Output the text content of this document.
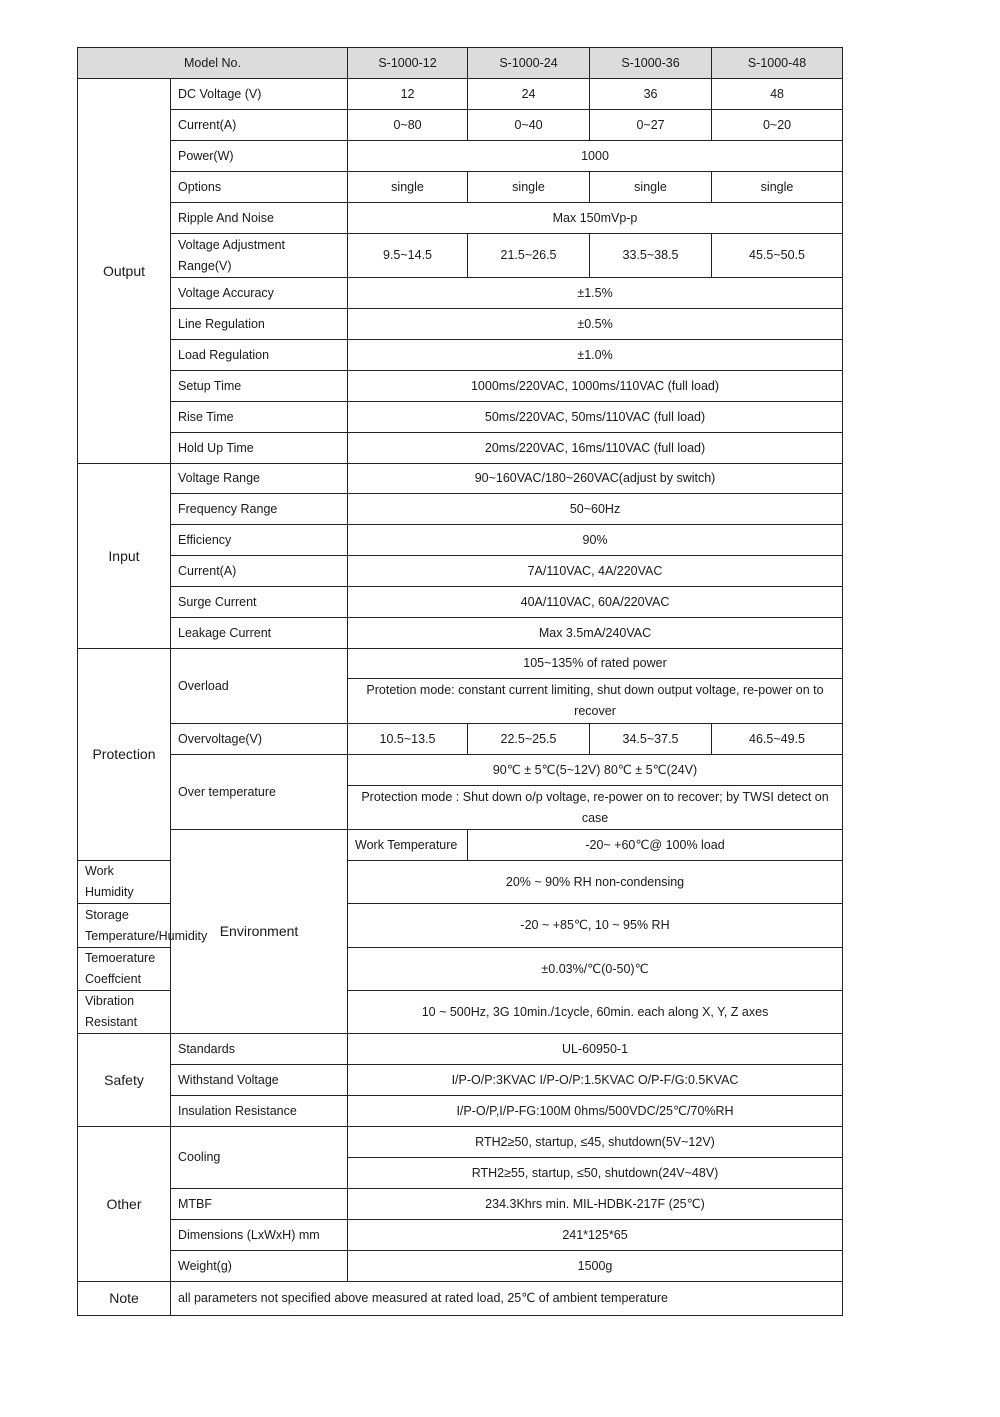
Model No.		S-1000-12	S-1000-24	S-1000-36	S-1000-48
Output	DC Voltage (V)	12	24	36	48
	Current(A)	0~80	0~40	0~27	0~20
	Power(W)	1000			
	Options	single	single	single	single
	Ripple And Noise	Max 150mVp-p			
	Voltage Adjustment Range(V)	9.5~14.5	21.5~26.5	33.5~38.5	45.5~50.5
	Voltage Accuracy	±1.5%			
	Line Regulation	±0.5%			
	Load Regulation	±1.0%			
	Setup Time	1000ms/220VAC, 1000ms/110VAC (full load)			
	Rise Time	50ms/220VAC, 50ms/110VAC (full load)			
	Hold Up Time	20ms/220VAC, 16ms/110VAC (full load)			
Input	Voltage Range	90~160VAC/180~260VAC(adjust by switch)			
	Frequency Range	50~60Hz			
	Efficiency	90%			
	Current(A)	7A/110VAC, 4A/220VAC			
	Surge Current	40A/110VAC, 60A/220VAC			
	Leakage Current	Max 3.5mA/240VAC			
Protection	Overload	105~135% of rated power			
		Protetion mode: constant current limiting, shut down output voltage, re-power on to recover			
	Overvoltage(V)	10.5~13.5	22.5~25.5	34.5~37.5	46.5~49.5
	Over temperature	90℃ ± 5℃(5~12V) 80℃ ± 5℃(24V)			
		Protection mode : Shut down o/p voltage, re-power on to recover; by TWSI detect on case			
	Environment	Work Temperature	-20~ +60℃@ 100% load		
Work Humidity		20% ~ 90% RH non-condensing			
Storage Temperature/Humidity		-20 ~ +85℃, 10 ~ 95% RH			
Temoerature Coeffcient		±0.03%/℃(0-50)℃			
Vibration Resistant		10 ~ 500Hz, 3G 10min./1cycle, 60min. each along X, Y, Z axes			
Safety	Standards	UL-60950-1			
	Withstand Voltage	I/P-O/P:3KVAC I/P-O/P:1.5KVAC O/P-F/G:0.5KVAC			
	Insulation Resistance	I/P-O/P,I/P-FG:100M 0hms/500VDC/25℃/70%RH			
Other	Cooling	RTH2≥50, startup, ≤45, shutdown(5V~12V)			
		RTH2≥55, startup, ≤50, shutdown(24V~48V)			
	MTBF	234.3Khrs min. MIL-HDBK-217F (25℃)			
	Dimensions (LxWxH) mm	241*125*65			
	Weight(g)	1500g			
Note	all parameters not specified above measured at rated load, 25℃ of ambient temperature				
